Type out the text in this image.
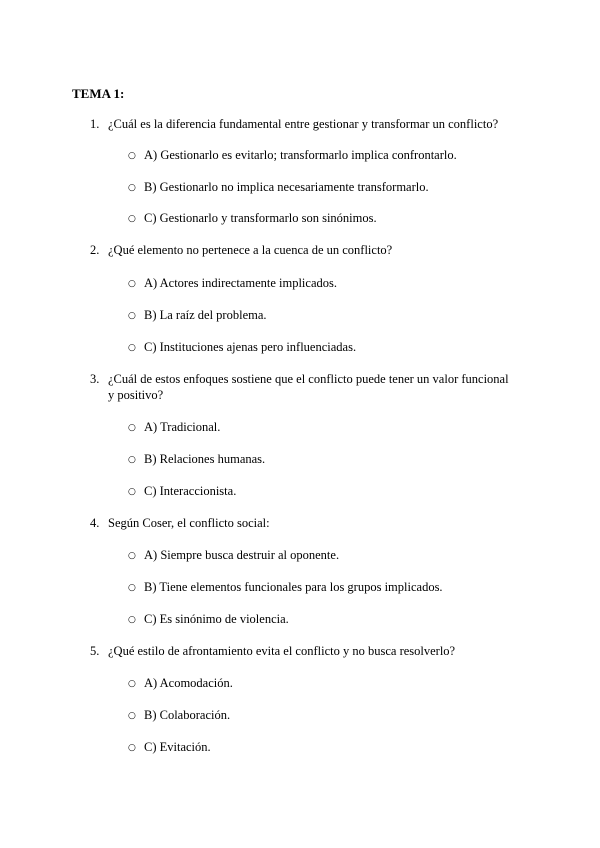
TEMA 1:
1. ¿Cuál es la diferencia fundamental entre gestionar y transformar un conflicto?
○ A) Gestionarlo es evitarlo; transformarlo implica confrontarlo.
○ B) Gestionarlo no implica necesariamente transformarlo.
○ C) Gestionarlo y transformarlo son sinónimos.
2. ¿Qué elemento no pertenece a la cuenca de un conflicto?
○ A) Actores indirectamente implicados.
○ B) La raíz del problema.
○ C) Instituciones ajenas pero influenciadas.
3. ¿Cuál de estos enfoques sostiene que el conflicto puede tener un valor funcional y positivo?
○ A) Tradicional.
○ B) Relaciones humanas.
○ C) Interaccionista.
4. Según Coser, el conflicto social:
○ A) Siempre busca destruir al oponente.
○ B) Tiene elementos funcionales para los grupos implicados.
○ C) Es sinónimo de violencia.
5. ¿Qué estilo de afrontamiento evita el conflicto y no busca resolverlo?
○ A) Acomodación.
○ B) Colaboración.
○ C) Evitación.
